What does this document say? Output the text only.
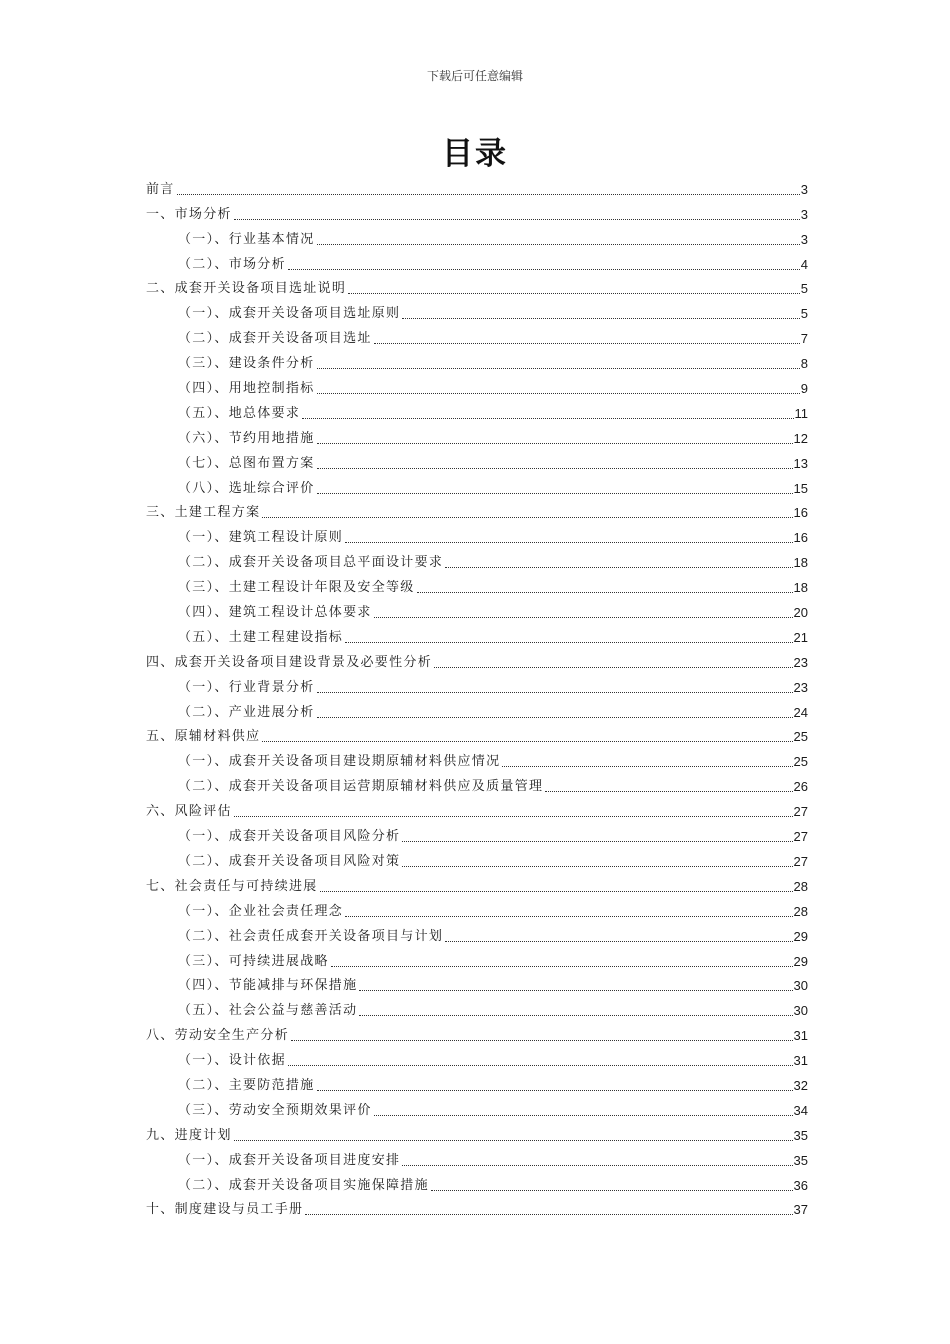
下载后可任意编辑
目录
前言	3
一、市场分析	3
（一）、行业基本情况	3
（二）、市场分析	4
二、成套开关设备项目选址说明	5
（一）、成套开关设备项目选址原则	5
（二）、成套开关设备项目选址	7
（三）、建设条件分析	8
（四）、用地控制指标	9
（五）、地总体要求	11
（六）、节约用地措施	12
（七）、总图布置方案	13
（八）、选址综合评价	15
三、土建工程方案	16
（一）、建筑工程设计原则	16
（二）、成套开关设备项目总平面设计要求	18
（三）、土建工程设计年限及安全等级	18
（四）、建筑工程设计总体要求	20
（五）、土建工程建设指标	21
四、成套开关设备项目建设背景及必要性分析	23
（一）、行业背景分析	23
（二）、产业进展分析	24
五、原辅材料供应	25
（一）、成套开关设备项目建设期原辅材料供应情况	25
（二）、成套开关设备项目运营期原辅材料供应及质量管理	26
六、风险评估	27
（一）、成套开关设备项目风险分析	27
（二）、成套开关设备项目风险对策	27
七、社会责任与可持续进展	28
（一）、企业社会责任理念	28
（二）、社会责任成套开关设备项目与计划	29
（三）、可持续进展战略	29
（四）、节能减排与环保措施	30
（五）、社会公益与慈善活动	30
八、劳动安全生产分析	31
（一）、设计依据	31
（二）、主要防范措施	32
（三）、劳动安全预期效果评价	34
九、进度计划	35
（一）、成套开关设备项目进度安排	35
（二）、成套开关设备项目实施保障措施	36
十、制度建设与员工手册	37
